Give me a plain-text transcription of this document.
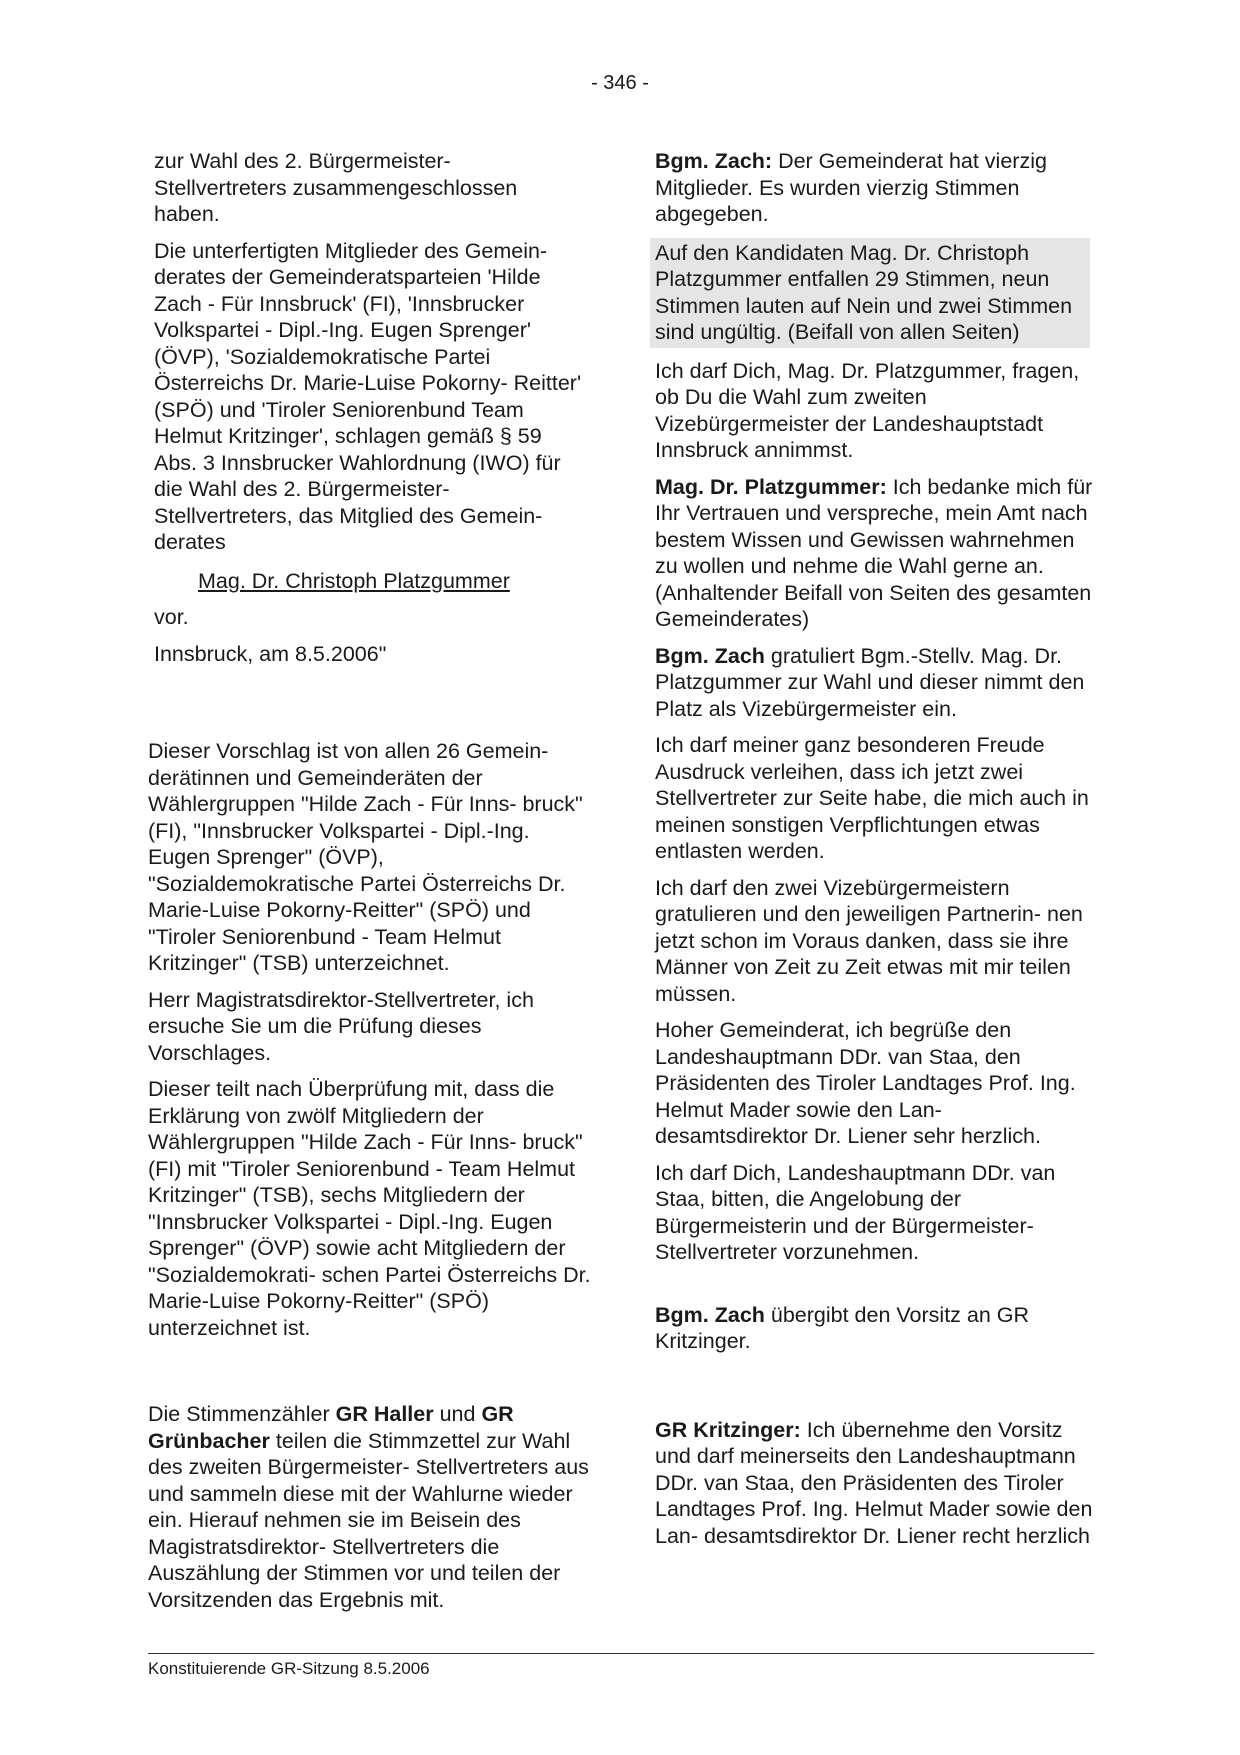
- 346 -

zur Wahl des 2. Bürgermeister- Stellvertreters zusammengeschlossen haben.

Die unterfertigten Mitglieder des Gemein- derates der Gemeinderatsparteien 'Hilde Zach - Für Innsbruck' (FI), 'Innsbrucker Volkspartei - Dipl.-Ing. Eugen Sprenger' (ÖVP), 'Sozialdemokratische Partei Österreichs Dr. Marie-Luise Pokorny- Reitter' (SPÖ) und 'Tiroler Seniorenbund Team Helmut Kritzinger', schlagen gemäß § 59 Abs. 3 Innsbrucker Wahlordnung (IWO) für die Wahl des 2. Bürgermeister- Stellvertreters, das Mitglied des Gemein- derates

Mag. Dr. Christoph Platzgummer

vor.

Innsbruck, am 8.5.2006"

Dieser Vorschlag ist von allen 26 Gemein- derätinnen und Gemeinderäten der Wählergruppen "Hilde Zach - Für Inns- bruck" (FI), "Innsbrucker Volkspartei - Dipl.-Ing. Eugen Sprenger" (ÖVP), "Sozialdemokratische Partei Österreichs Dr. Marie-Luise Pokorny-Reitter" (SPÖ) und "Tiroler Seniorenbund - Team Helmut Kritzinger" (TSB) unterzeichnet.

Herr Magistratsdirektor-Stellvertreter, ich ersuche Sie um die Prüfung dieses Vorschlages.

Dieser teilt nach Überprüfung mit, dass die Erklärung von zwölf Mitgliedern der Wählergruppen "Hilde Zach - Für Inns- bruck" (FI) mit "Tiroler Seniorenbund - Team Helmut Kritzinger" (TSB), sechs Mitgliedern der "Innsbrucker Volkspartei - Dipl.-Ing. Eugen Sprenger" (ÖVP) sowie acht Mitgliedern der "Sozialdemokrati- schen Partei Österreichs Dr. Marie-Luise Pokorny-Reitter" (SPÖ) unterzeichnet ist.

Die Stimmenzähler GR Haller und GR Grünbacher teilen die Stimmzettel zur Wahl des zweiten Bürgermeister- Stellvertreters aus und sammeln diese mit der Wahlurne wieder ein. Hierauf nehmen sie im Beisein des Magistratsdirektor- Stellvertreters die Auszählung der Stimmen vor und teilen der Vorsitzenden das Ergebnis mit.

Bgm. Zach: Der Gemeinderat hat vierzig Mitglieder. Es wurden vierzig Stimmen abgegeben.

Auf den Kandidaten Mag. Dr. Christoph Platzgummer entfallen 29 Stimmen, neun Stimmen lauten auf Nein und zwei Stimmen sind ungültig. (Beifall von allen Seiten)

Ich darf Dich, Mag. Dr. Platzgummer, fragen, ob Du die Wahl zum zweiten Vizebürgermeister der Landeshauptstadt Innsbruck annimmst.

Mag. Dr. Platzgummer: Ich bedanke mich für Ihr Vertrauen und verspreche, mein Amt nach bestem Wissen und Gewissen wahrnehmen zu wollen und nehme die Wahl gerne an. (Anhaltender Beifall von Seiten des gesamten Gemeinderates)

Bgm. Zach gratuliert Bgm.-Stellv. Mag. Dr. Platzgummer zur Wahl und dieser nimmt den Platz als Vizebürgermeister ein.

Ich darf meiner ganz besonderen Freude Ausdruck verleihen, dass ich jetzt zwei Stellvertreter zur Seite habe, die mich auch in meinen sonstigen Verpflichtungen etwas entlasten werden.

Ich darf den zwei Vizebürgermeistern gratulieren und den jeweiligen Partnerin- nen jetzt schon im Voraus danken, dass sie ihre Männer von Zeit zu Zeit etwas mit mir teilen müssen.

Hoher Gemeinderat, ich begrüße den Landeshauptmann DDr. van Staa, den Präsidenten des Tiroler Landtages Prof. Ing. Helmut Mader sowie den Lan- desamtsdirektor Dr. Liener sehr herzlich.

Ich darf Dich, Landeshauptmann DDr. van Staa, bitten, die Angelobung der Bürgermeisterin und der Bürgermeister- Stellvertreter vorzunehmen.

Bgm. Zach übergibt den Vorsitz an GR Kritzinger.

GR Kritzinger: Ich übernehme den Vorsitz und darf meinerseits den Landeshauptmann DDr. van Staa, den Präsidenten des Tiroler Landtages Prof. Ing. Helmut Mader sowie den Lan- desamtsdirektor Dr. Liener recht herzlich

Konstituierende GR-Sitzung 8.5.2006
